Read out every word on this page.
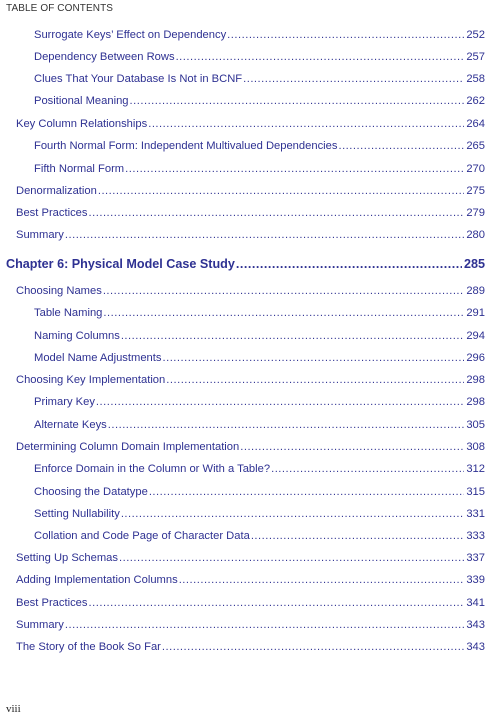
TABLE OF CONTENTS
Surrogate Keys’ Effect on Dependency .....	252
Dependency Between Rows .....	257
Clues That Your Database Is Not in BCNF .....	258
Positional Meaning .....	262
Key Column Relationships .....	264
Fourth Normal Form: Independent Multivalued Dependencies .....	265
Fifth Normal Form .....	270
Denormalization .....	275
Best Practices .....	279
Summary .....	280
Chapter 6: Physical Model Case Study .....	285
Choosing Names .....	289
Table Naming .....	291
Naming Columns .....	294
Model Name Adjustments .....	296
Choosing Key Implementation .....	298
Primary Key .....	298
Alternate Keys .....	305
Determining Column Domain Implementation .....	308
Enforce Domain in the Column or With a Table? .....	312
Choosing the Datatype .....	315
Setting Nullability .....	331
Collation and Code Page of Character Data .....	333
Setting Up Schemas .....	337
Adding Implementation Columns .....	339
Best Practices .....	341
Summary .....	343
The Story of the Book So Far .....	343
viii
